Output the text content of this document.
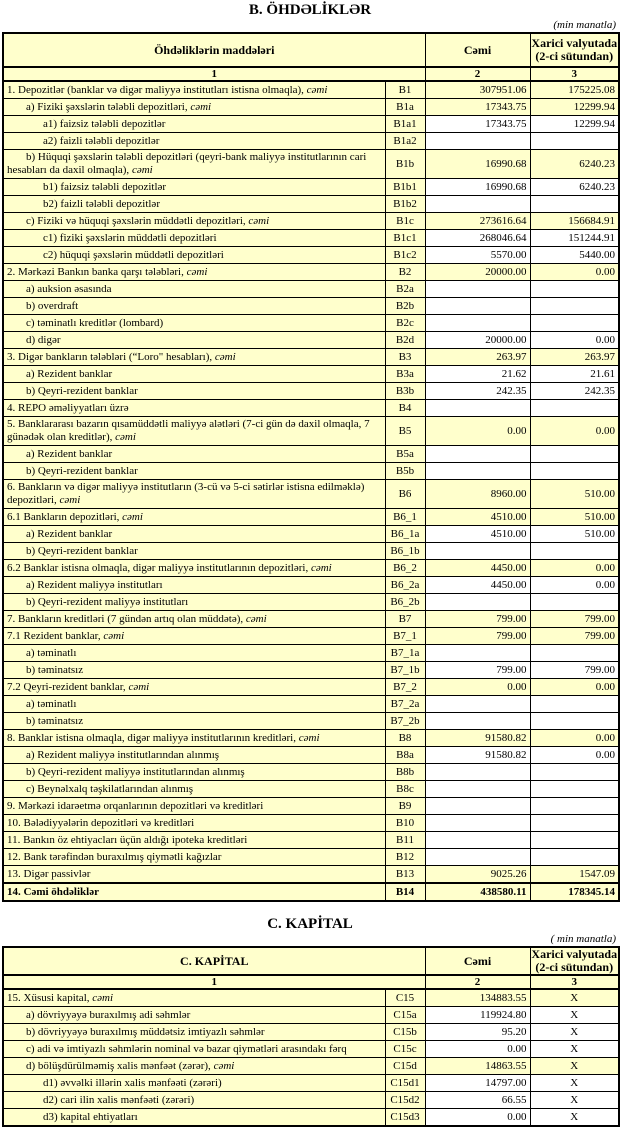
B. ÖHDƏLİKLƏR
(min manatla)
Öhdəliklərin maddələri		Cəmi	Xarici valyutada (2-ci sütundan)
1		2	3
1. Depozitlər (banklar və digər maliyyə institutları istisna olmaqla), cəmi	B1	307951.06	175225.08
a) Fiziki şəxslərin tələbli depozitləri, cəmi	B1a	17343.75	12299.94
a1) faizsiz tələbli depozitlər	B1a1	17343.75	12299.94
a2) faizli tələbli depozitlər	B1a2		
b) Hüquqi şəxslərin tələbli depozitləri (qeyri-bank maliyyə institutlarının cari hesabları da daxil olmaqla), cəmi	B1b	16990.68	6240.23
b1) faizsiz tələbli depozitlər	B1b1	16990.68	6240.23
b2) faizli tələbli depozitlər	B1b2		
c) Fiziki və hüquqi şəxslərin müddətli depozitləri, cəmi	B1c	273616.64	156684.91
c1) fiziki şəxslərin müddətli depozitləri	B1c1	268046.64	151244.91
c2) hüquqi şəxslərin müddətli depozitləri	B1c2	5570.00	5440.00
2. Mərkəzi Bankın banka qarşı tələbləri, cəmi	B2	20000.00	0.00
a) auksion əsasında	B2a		
b) overdraft	B2b		
c) təminatlı kreditlər (lombard)	B2c		
d) digər	B2d	20000.00	0.00
3. Digər bankların tələbləri (“Loro" hesabları), cəmi	B3	263.97	263.97
a) Rezident banklar	B3a	21.62	21.61
b) Qeyri-rezident banklar	B3b	242.35	242.35
4. REPO əməliyyatları üzrə	B4		
5. Banklararası bazarın qısamüddətli maliyyə alətləri (7-ci gün də daxil olmaqla, 7 günədək olan kreditlər), cəmi	B5	0.00	0.00
a) Rezident banklar	B5a		
b) Qeyri-rezident banklar	B5b		
6. Bankların və digər maliyyə institutların (3-cü və 5-ci sətirlər istisna edilməklə) depozitləri, cəmi	B6	8960.00	510.00
6.1 Bankların depozitləri, cəmi	B6_1	4510.00	510.00
a) Rezident banklar	B6_1a	4510.00	510.00
b) Qeyri-rezident banklar	B6_1b		
6.2 Banklar istisna olmaqla, digər maliyyə institutlarının depozitləri, cəmi	B6_2	4450.00	0.00
a) Rezident maliyyə institutları	B6_2a	4450.00	0.00
b) Qeyri-rezident maliyyə institutları	B6_2b		
7. Bankların kreditləri (7 gündən artıq olan müddətə), cəmi	B7	799.00	799.00
7.1 Rezident banklar, cəmi	B7_1	799.00	799.00
a) təminatlı	B7_1a		
b) təminatsız	B7_1b	799.00	799.00
7.2 Qeyri-rezident banklar, cəmi	B7_2	0.00	0.00
a) təminatlı	B7_2a		
b) təminatsız	B7_2b		
8. Banklar istisna olmaqla, digər maliyyə institutlarının kreditləri, cəmi	B8	91580.82	0.00
a) Rezident maliyyə institutlarından alınmış	B8a	91580.82	0.00
b) Qeyri-rezident maliyyə institutlarından alınmış	B8b		
c) Beynəlxalq təşkilatlarından alınmış	B8c		
9. Mərkəzi idarəetmə orqanlarının depozitləri və kreditləri	B9		
10. Bələdiyyələrin depozitləri və kreditləri	B10		
11. Bankın öz ehtiyacları üçün aldığı ipoteka kreditləri	B11		
12. Bank tərəfindən buraxılmış qiymətli kağızlar	B12		
13. Digər passivlər	B13	9025.26	1547.09
14. Cəmi öhdəliklər	B14	438580.11	178345.14
C. KAPİTAL
( min manatla)
C. KAPİTAL		Cəmi	Xarici valyutada (2-ci sütundan)
1		2	3
15. Xüsusi kapital, cəmi	C15	134883.55	X
a) dövriyyəyə buraxılmış adi səhmlər	C15a	119924.80	X
b) dövriyyəyə buraxılmış müddətsiz imtiyazlı səhmlər	C15b	95.20	X
c) adi və imtiyazlı səhmlərin nominal və bazar qiymətləri arasındakı fərq	C15c	0.00	X
d) bölüşdürülməmiş xalis mənfəət (zərər), cəmi	C15d	14863.55	X
d1) əvvəlki illərin xalis mənfəəti (zərəri)	C15d1	14797.00	X
d2) cari ilin xalis mənfəəti (zərəri)	C15d2	66.55	X
d3) kapital ehtiyatları	C15d3	0.00	X
